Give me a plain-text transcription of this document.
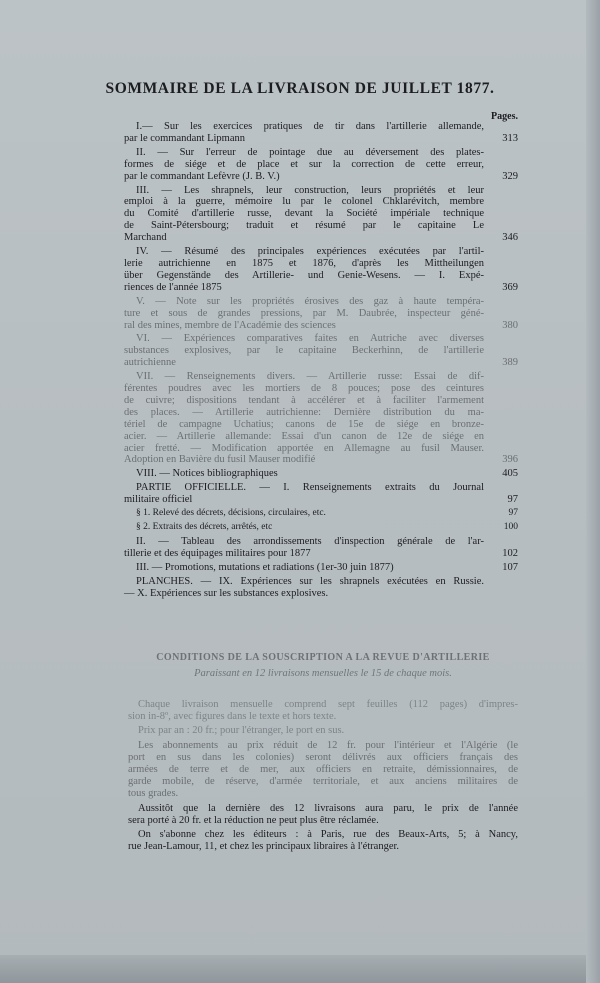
SOMMAIRE DE LA LIVRAISON DE JUILLET 1877.
Pages.
I.— Sur les exercices pratiques de tir dans l'artillerie allemande,
par le commandant Lipmann	313
II. — Sur l'erreur de pointage due au déversement des plates-
formes de siége et de place et sur la correction de cette erreur,
par le commandant Lefèvre (J. B. V.)	329
III. — Les shrapnels, leur construction, leurs propriétés et leur
emploi à la guerre, mémoire lu par le colonel Chklarévitch, membre
du Comité d'artillerie russe, devant la Société impériale technique
de Saint-Pétersbourg; traduit et résumé par le capitaine Le
Marchand	346
IV. — Résumé des principales expériences exécutées par l'artil-
lerie autrichienne en 1875 et 1876, d'après les Mittheilungen
über Gegenstände des Artillerie- und Genie-Wesens. — I. Expé-
riences de l'année 1875	369
V. — Note sur les propriétés érosives des gaz à haute tempéra-
ture et sous de grandes pressions, par M. Daubrée, inspecteur géné-
ral des mines, membre de l'Académie des sciences	380
VI. — Expériences comparatives faites en Autriche avec diverses
substances explosives, par le capitaine Beckerhinn, de l'artillerie
autrichienne	389
VII. — Renseignements divers. — Artillerie russe: Essai de dif-
férentes poudres avec les mortiers de 8 pouces; pose des ceintures
de cuivre; dispositions tendant à accélérer et à faciliter l'armement
des places. — Artillerie autrichienne: Dernière distribution du ma-
tériel de campagne Uchatius; canons de 15e de siége en bronze-
acier. — Artillerie allemande: Essai d'un canon de 12e de siége en
acier fretté. — Modification apportée en Allemagne au fusil Mauser.
Adoption en Bavière du fusil Mauser modifié	396
VIII. — Notices bibliographiques	405
PARTIE OFFICIELLE. — I. Renseignements extraits du Journal
militaire officiel	97
§ 1. Relevé des décrets, décisions, circulaires, etc.	97
§ 2. Extraits des décrets, arrêtés, etc	100
II. — Tableau des arrondissements d'inspection générale de l'ar-
tillerie et des équipages militaires pour 1877	102
III. — Promotions, mutations et radiations (1er-30 juin 1877)	107
PLANCHES. — IX. Expériences sur les shrapnels exécutées en Russie.
— X. Expériences sur les substances explosives.
CONDITIONS DE LA SOUSCRIPTION A LA REVUE D'ARTILLERIE
Paraissant en 12 livraisons mensuelles le 15 de chaque mois.
Chaque livraison mensuelle comprend sept feuilles (112 pages) d'impres-
sion in-8º, avec figures dans le texte et hors texte.
Prix par an : 20 fr.; pour l'étranger, le port en sus.
Les abonnements au prix réduit de 12 fr. pour l'intérieur et l'Algérie (le
port en sus dans les colonies) seront délivrés aux officiers français des
armées de terre et de mer, aux officiers en retraite, démissionnaires, de
garde mobile, de réserve, d'armée territoriale, et aux anciens militaires de
tous grades.
Aussitôt que la dernière des 12 livraisons aura paru, le prix de l'année
sera porté à 20 fr. et la réduction ne peut plus être réclamée.
On s'abonne chez les éditeurs : à Paris, rue des Beaux-Arts, 5; à Nancy,
rue Jean-Lamour, 11, et chez les principaux libraires à l'étranger.
